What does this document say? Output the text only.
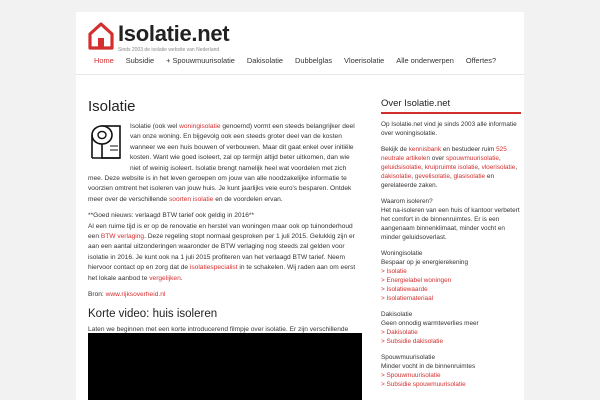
Isolatie.net
Sinds 2003 de isolatie website van Nederland
Home	Subsidie	+ Spouwmuurisolatie	Dakisolatie	Dubbelglas	Vloerisolatie	Alle onderwerpen	Offertes?
Isolatie

Isolatie (ook wel woningisolatie genoemd) vormt een steeds belangrijker deel van onze woning. En bijgevolg ook een steeds groter deel van de kosten wanneer we een huis bouwen of verbouwen. Maar dit gaat enkel over initiële kosten. Want wie goed isoleert, zal op termijn altijd beter uitkomen, dan wie niet of weinig isoleert. Isolatie brengt namelijk heel wat voordelen met zich mee. Deze website is in het leven geroepen om jouw van alle noodzakelijke informatie te voorzien omtrent het isoleren van jouw huis. Je kunt jaarlijks veie euro's besparen. Ontdek meer over de verschillende soorten isolatie en de voordelen ervan.

**Goed nieuws: verlaagd BTW tarief ook geldig in 2016**

Al een ruime tijd is er op de renovatie en herstel van woningen maar ook op tuinonderhoud een BTW verlaging. Deze regeling stopt normaal gesproken per 1 juli 2015. Gelukkig zijn er aan een aantal uitzonderingen waaronder de BTW verlaging nog steeds zal gelden voor isolatie in 2016. Je kunt ook na 1 juli 2015 profiteren van het verlaagd BTW tarief. Neem hiervoor contact op en zorg dat de isolatiespecialist in te schakelen. Wij raden aan om eerst het lokale aanbod te vergelijken.

Bron: www.rijksoverheid.nl

Korte video: huis isoleren

Laten we beginnen met een korte introducerend filmpje over isolatie. Er zijn verschillende

Over Isolatie.net

Op Isolatie.net vind je sinds 2003 alle informatie over woningisolatie.

Bekijk de kennisbank en bestudeer ruim 525 neutrale artikelen over spouwmuurisolatie, geluidsisolatie, kruipruimte isolatie, vloerisolatie, dakisolatie, gevelisolatie, glasisolatie en gerelateerde zaken.

Waarom isoleren?
Het na-isoleren van een huis of kantoor verbetert het comfort in de binnenruimtes. Er is een aangenaam binnenklimaat, minder vocht en minder geluidsoverlast.

Woningisolatie
Bespaar op je energierekening
> Isolatie
> Energielabel woningen
> Isolatiewaarde
> Isolatiemateriaal
Dakisolatie
Geen onnodig warmteverlies meer
> Dakisolatie
> Subsidie dakisolatie
Spouwmuurisolatie
Minder vocht in de binnenruimtes
> Spouwmuurisolatie
> Subsidie spouwmuurisolatie
